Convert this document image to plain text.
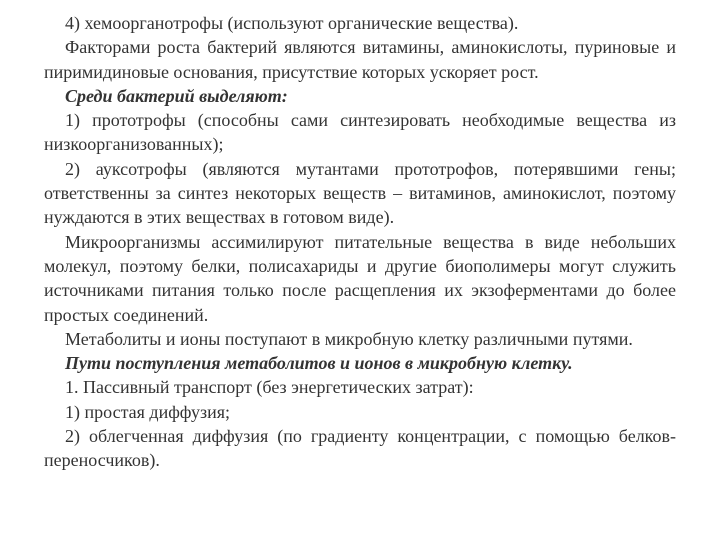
4) хемоорганотрофы (используют органические вещества).

Факторами роста бактерий являются витамины, аминокислоты, пуриновые и пиримидиновые основания, присутствие которых ускоряет рост.

Среди бактерий выделяют:

1) прототрофы (способны сами синтезировать необходимые вещества из низкоорганизованных);

2) ауксотрофы (являются мутантами прототрофов, потерявшими гены; ответственны за синтез некоторых веществ – витаминов, аминокислот, поэтому нуждаются в этих веществах в готовом виде).

Микроорганизмы ассимилируют питательные вещества в виде небольших молекул, поэтому белки, полисахариды и другие биополимеры могут служить источниками питания только после расщепления их экзоферментами до более простых соединений.

Метаболиты и ионы поступают в микробную клетку различными путями.

Пути поступления метаболитов и ионов в микробную клетку.

1. Пассивный транспорт (без энергетических затрат):

1) простая диффузия;

2) облегченная диффузия (по градиенту концентрации, с помощью белков-переносчиков).
